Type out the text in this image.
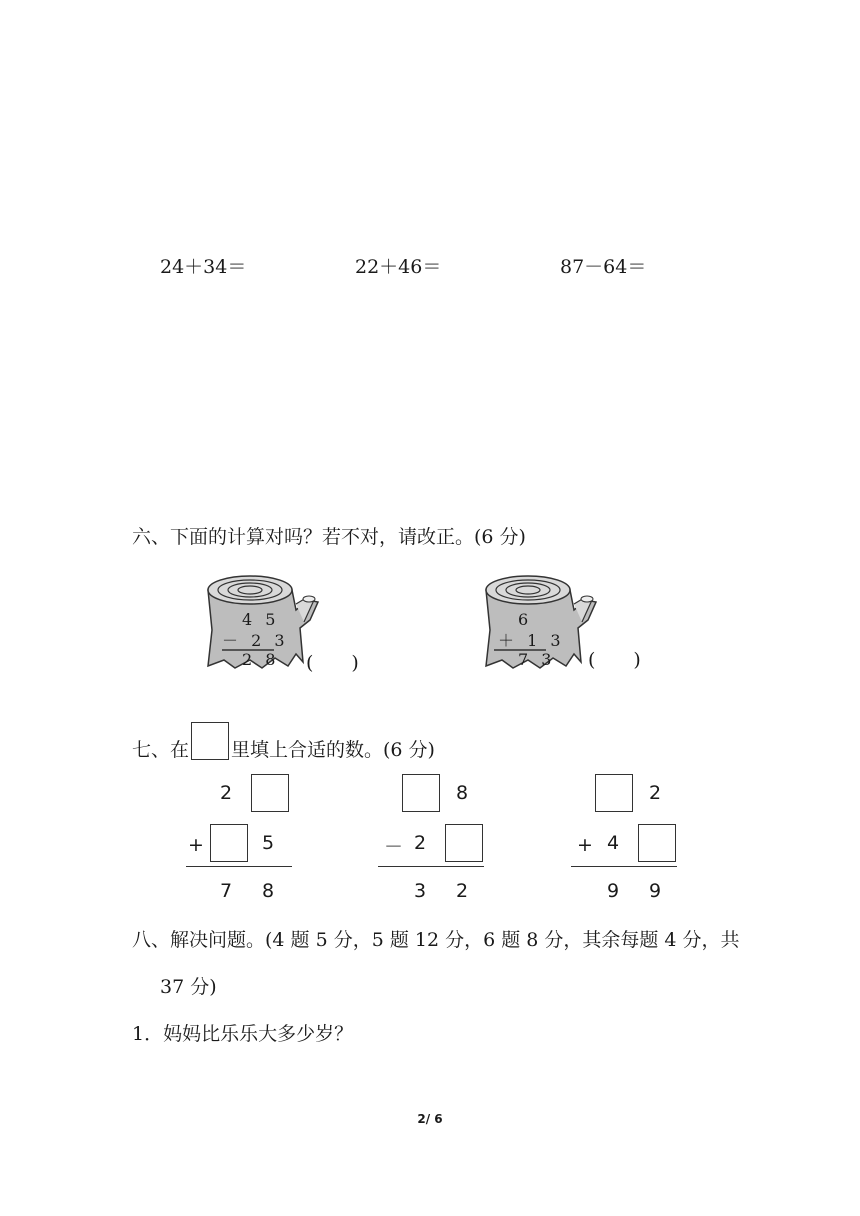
24＋34＝	22＋46＝	87－64＝
六、下面的计算对吗？若不对，请改正。(6 分)
4 5
－ 2 3
2 8 (　　)
6
＋ 1 3
7 3 (　　)
七、在 里填上合适的数。(6 分)
2
+	5
7 8
8
－ 2
3 2
2
+ 4
9 9
八、解决问题。(4 题 5 分，5 题 12 分，6 题 8 分，其余每题 4 分，共
37 分)
1．妈妈比乐乐大多少岁？
2/ 6
